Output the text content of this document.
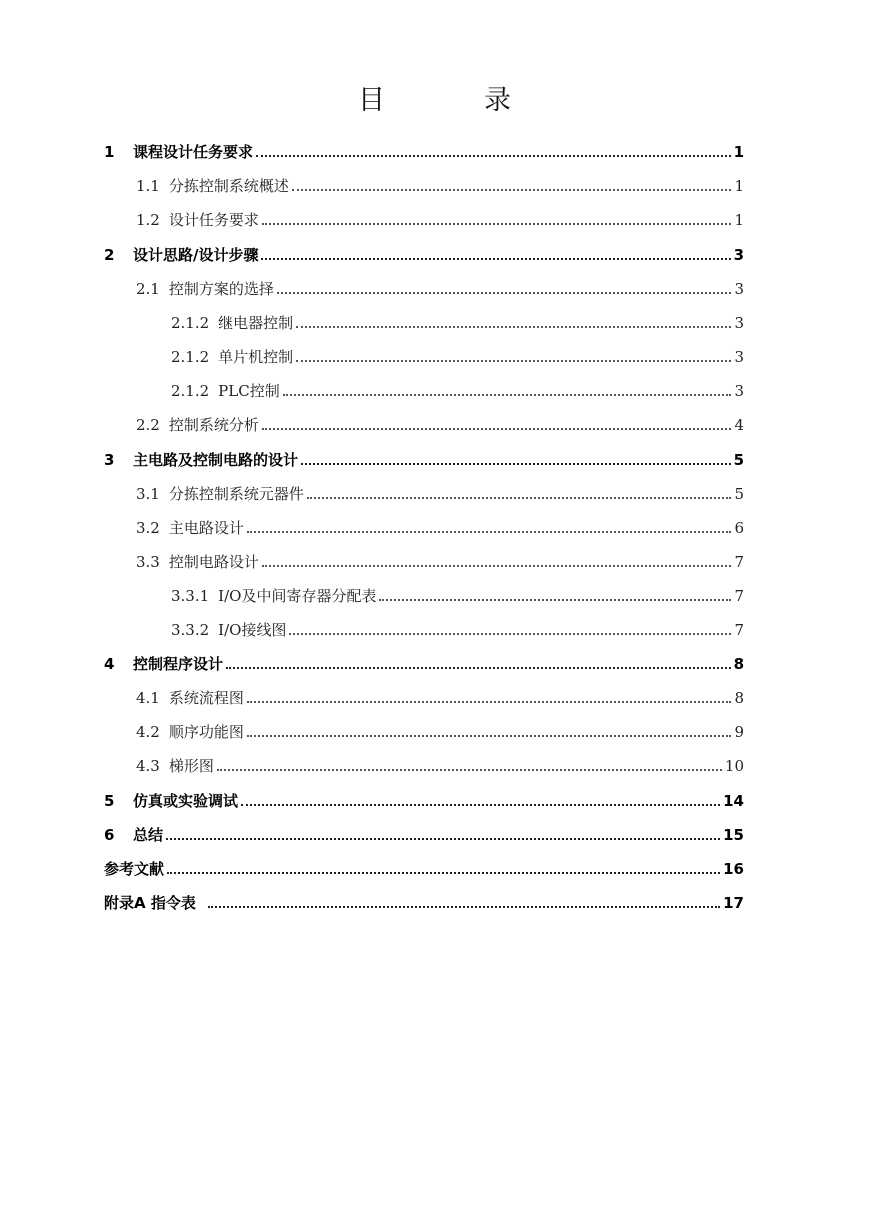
目　录
1	课程设计任务要求	1
1.1 分拣控制系统概述	1
1.2 设计任务要求	1
2	设计思路/设计步骤	3
2.1 控制方案的选择	3
2.1.2 继电器控制	3
2.1.2 单片机控制	3
2.1.2 PLC控制	3
2.2 控制系统分析	4
3	主电路及控制电路的设计	5
3.1 分拣控制系统元器件	5
3.2 主电路设计	6
3.3 控制电路设计	7
3.3.1 I/O及中间寄存器分配表	7
3.3.2 I/O接线图	7
4	控制程序设计	8
4.1 系统流程图	8
4.2 顺序功能图	9
4.3 梯形图	10
5	仿真或实验调试	14
6	总结	15
参考文献	16
附录A 指令表	17
